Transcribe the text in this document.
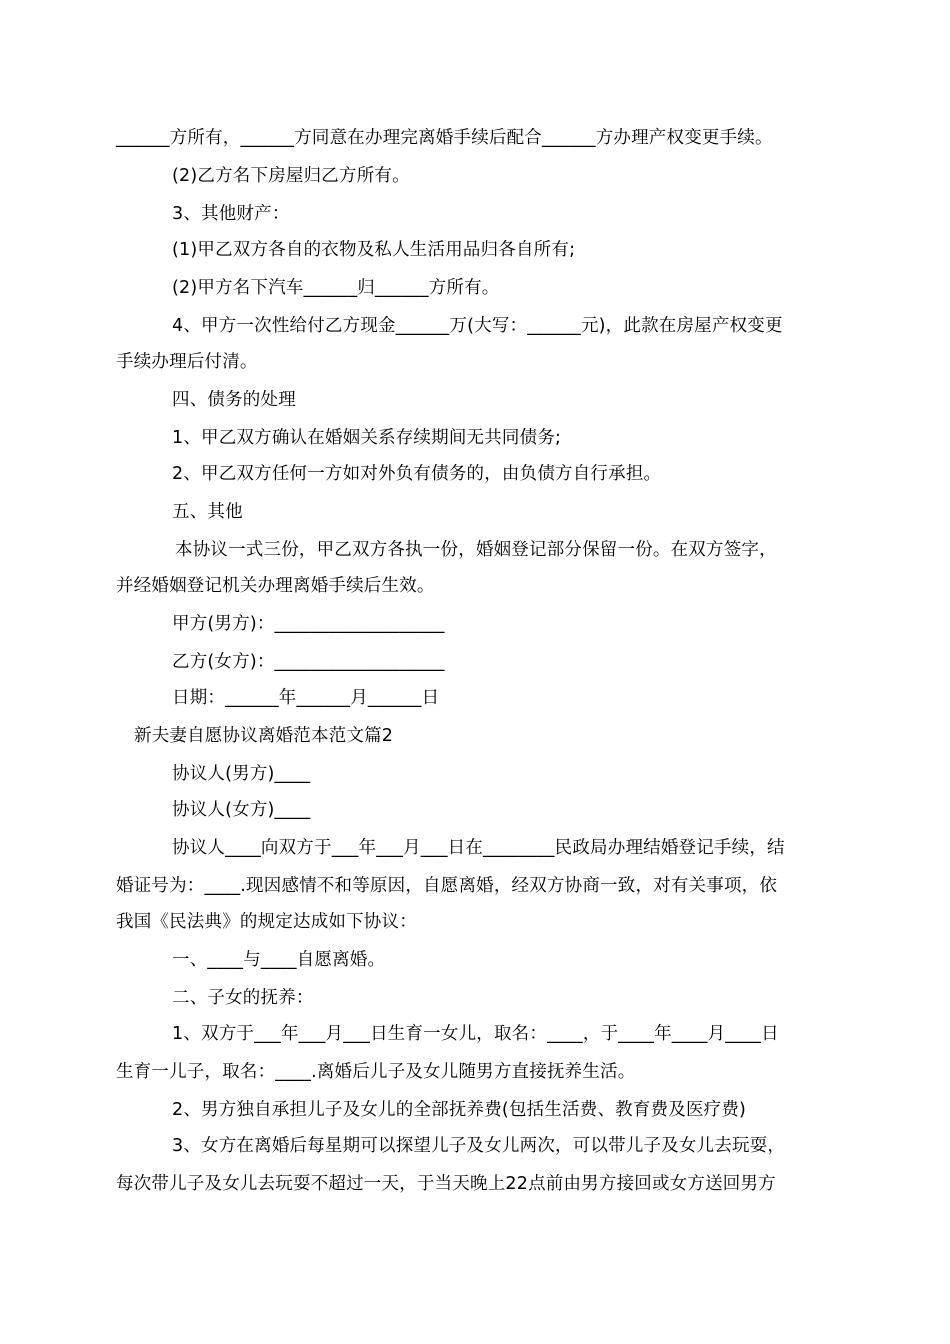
______方所有，______方同意在办理完离婚手续后配合______方办理产权变更手续。
(2)乙方名下房屋归乙方所有。
3、其他财产：
(1)甲乙双方各自的衣物及私人生活用品归各自所有;
(2)甲方名下汽车______归______方所有。
4、甲方一次性给付乙方现金______万(大写：______元)，此款在房屋产权变更
手续办理后付清。
四、债务的处理
1、甲乙双方确认在婚姻关系存续期间无共同债务;
2、甲乙双方任何一方如对外负有债务的，由负债方自行承担。
五、其他
本协议一式三份，甲乙双方各执一份，婚姻登记部分保留一份。在双方签字，
并经婚姻登记机关办理离婚手续后生效。
甲方(男方)：___________________
乙方(女方)：___________________
日期：______年______月______日
新夫妻自愿协议离婚范本范文篇2
协议人(男方)____
协议人(女方)____
协议人____向双方于___年___月___日在________民政局办理结婚登记手续，结
婚证号为：____.现因感情不和等原因，自愿离婚，经双方协商一致，对有关事项，依
我国《民法典》的规定达成如下协议：
一、____与____自愿离婚。
二、子女的抚养：
1、双方于___年___月___日生育一女儿，取名：____，于____年____月____日
生育一儿子，取名：____.离婚后儿子及女儿随男方直接抚养生活。
2、男方独自承担儿子及女儿的全部抚养费(包括生活费、教育费及医疗费)
3、女方在离婚后每星期可以探望儿子及女儿两次，可以带儿子及女儿去玩耍，
每次带儿子及女儿去玩耍不超过一天，于当天晚上22点前由男方接回或女方送回男方
